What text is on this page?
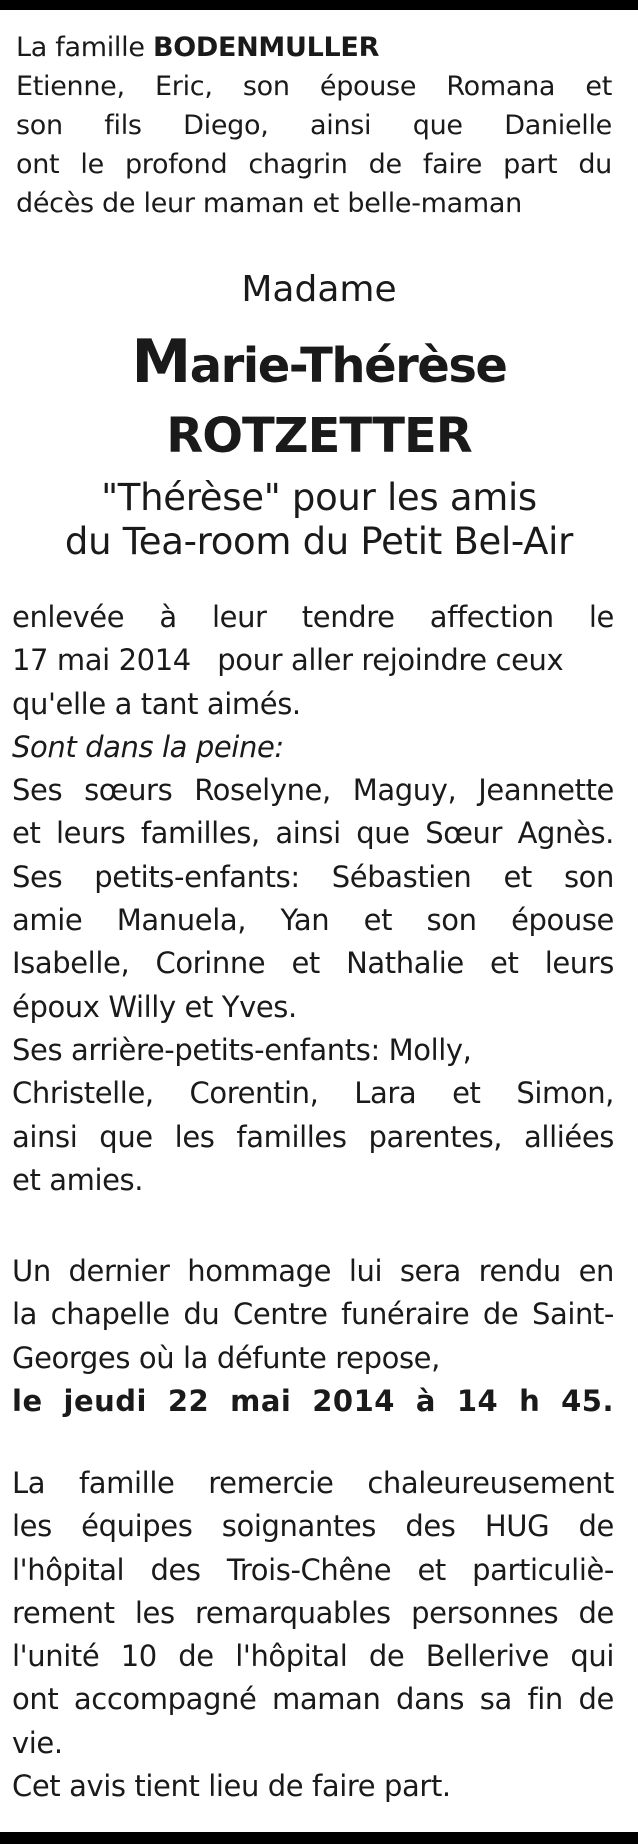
La famille BODENMULLER
Etienne, Eric, son épouse Romana et
son fils Diego, ainsi que Danielle
ont le profond chagrin de faire part du
décès de leur maman et belle-maman
Madame
Marie-Thérèse
ROTZETTER
"Thérèse" pour les amis
du Tea-room du Petit Bel-Air
enlevée à leur tendre affection le
17 mai 2014   pour aller rejoindre ceux
qu'elle a tant aimés.
Sont dans la peine:
Ses sœurs Roselyne, Maguy, Jeannette
et leurs familles, ainsi que Sœur Agnès.
Ses petits-enfants: Sébastien et son
amie Manuela, Yan et son épouse
Isabelle, Corinne et Nathalie et leurs
époux Willy et Yves.
Ses arrière-petits-enfants: Molly,
Christelle, Corentin, Lara et Simon,
ainsi que les familles parentes, alliées
et amies.
Un dernier hommage lui sera rendu en
la chapelle du Centre funéraire de Saint-
Georges où la défunte repose,
le jeudi 22 mai 2014 à 14 h 45.
La famille remercie chaleureusement
les équipes soignantes des HUG de
l'hôpital des Trois-Chêne et particuliè-
rement les remarquables personnes de
l'unité 10 de l'hôpital de Bellerive qui
ont accompagné maman dans sa fin de
vie.
Cet avis tient lieu de faire part.
